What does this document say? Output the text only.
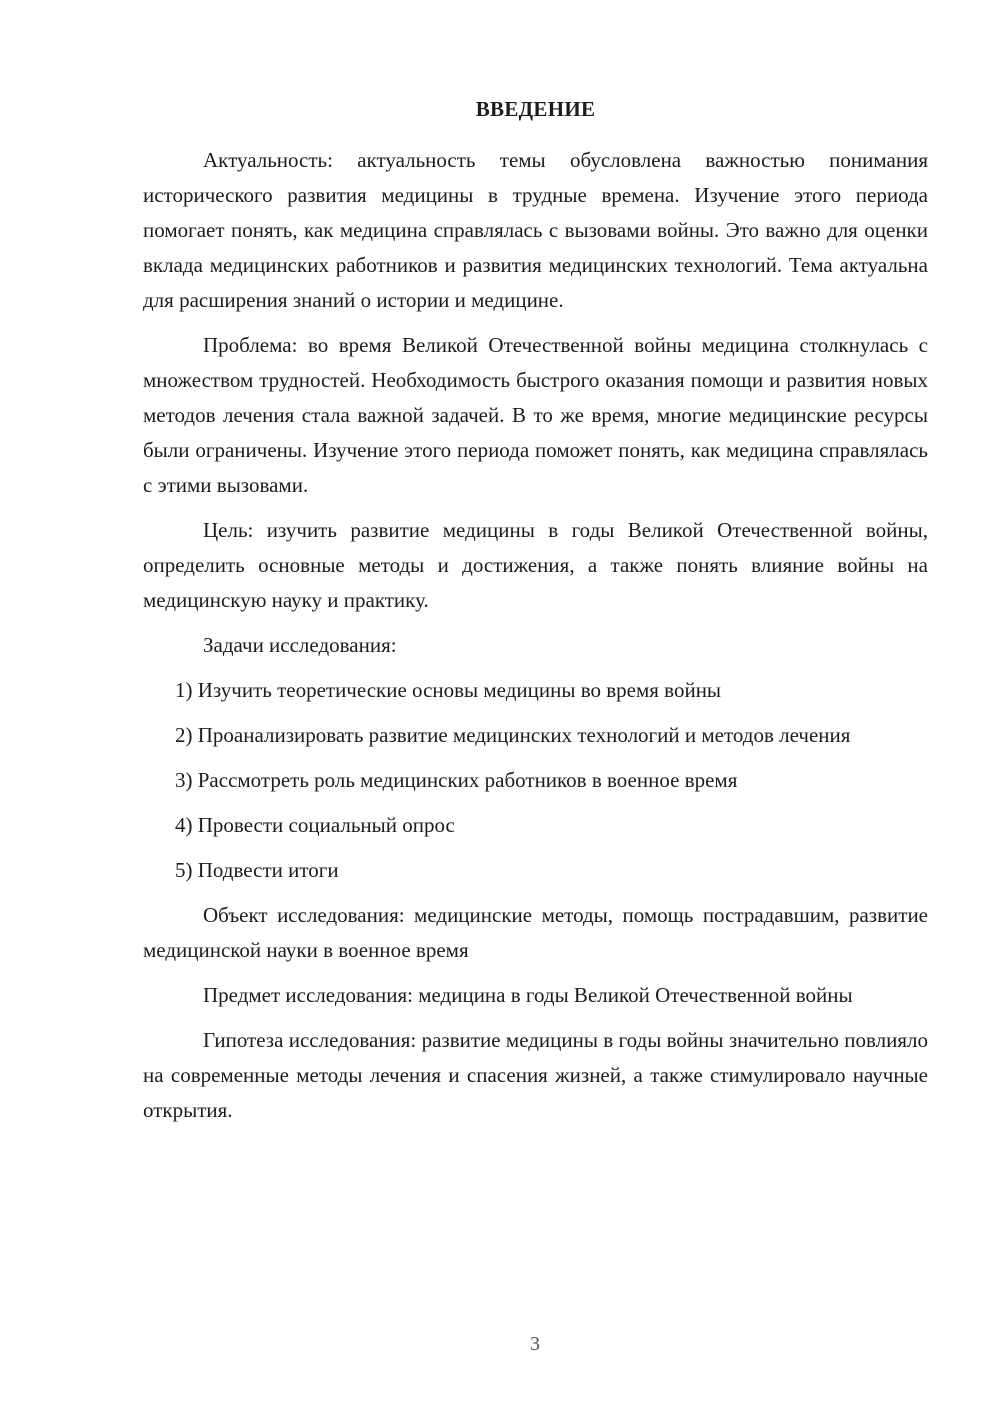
ВВЕДЕНИЕ

Актуальность: актуальность темы обусловлена важностью понимания исторического развития медицины в трудные времена. Изучение этого периода помогает понять, как медицина справлялась с вызовами войны. Это важно для оценки вклада медицинских работников и развития медицинских технологий. Тема актуальна для расширения знаний о истории и медицине.

Проблема: во время Великой Отечественной войны медицина столкнулась с множеством трудностей. Необходимость быстрого оказания помощи и развития новых методов лечения стала важной задачей. В то же время, многие медицинские ресурсы были ограничены. Изучение этого периода поможет понять, как медицина справлялась с этими вызовами.

Цель: изучить развитие медицины в годы Великой Отечественной войны, определить основные методы и достижения, а также понять влияние войны на медицинскую науку и практику.

Задачи исследования:

1) Изучить теоретические основы медицины во время войны

2) Проанализировать развитие медицинских технологий и методов лечения

3) Рассмотреть роль медицинских работников в военное время

4) Провести социальный опрос

5) Подвести итоги

Объект исследования: медицинские методы, помощь пострадавшим, развитие медицинской науки в военное время

Предмет исследования: медицина в годы Великой Отечественной войны

Гипотеза исследования: развитие медицины в годы войны значительно повлияло на современные методы лечения и спасения жизней, а также стимулировало научные открытия.

3
